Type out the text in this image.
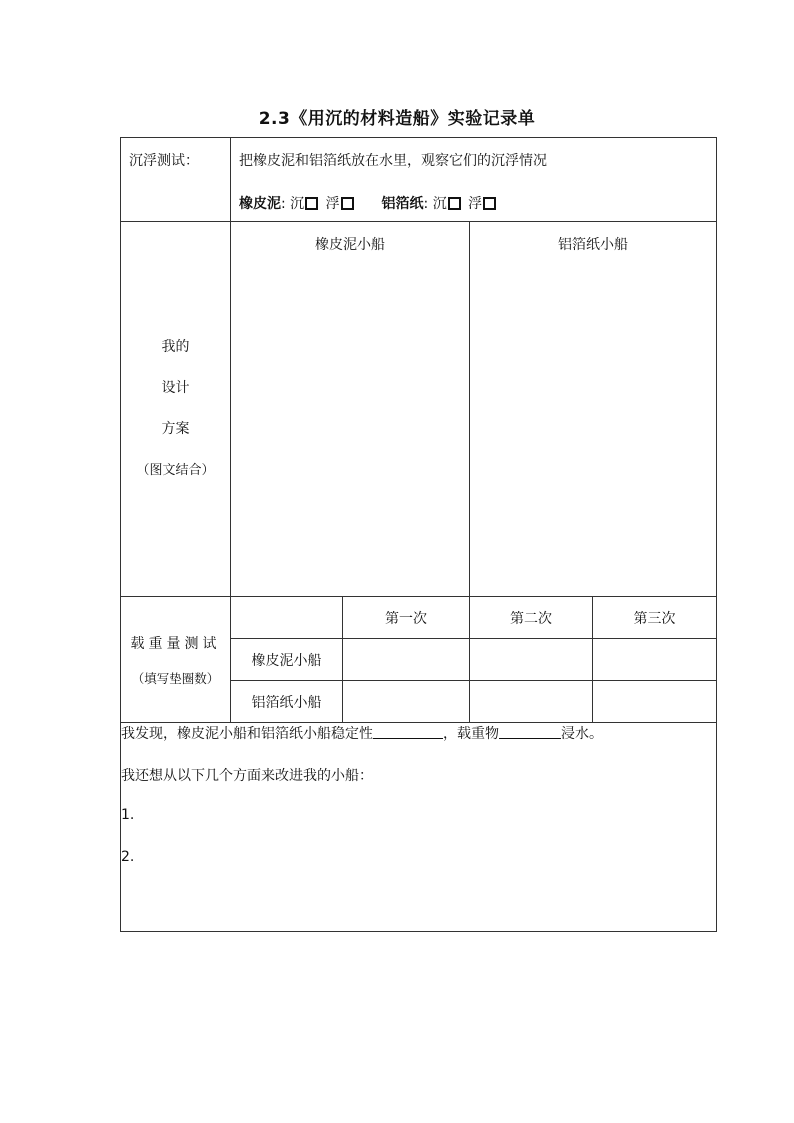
2.3《用沉的材料造船》实验记录单
沉浮测试：	把橡皮泥和铝箔纸放在水里，观察它们的沉浮情况
橡皮泥: 沉 浮 铝箔纸: 沉 浮			

我的
设计
方案
（图文结合）	橡皮泥小船		铝箔纸小船	

载重量测试
（填写垫圈数）		第一次	第二次	第三次
	橡皮泥小船			
	铝箔纸小船			

我发现，橡皮泥小船和铝箔纸小船稳定性 ，载重物 浸水。
我还想从以下几个方面来改进我的小船：
1.
2.				
